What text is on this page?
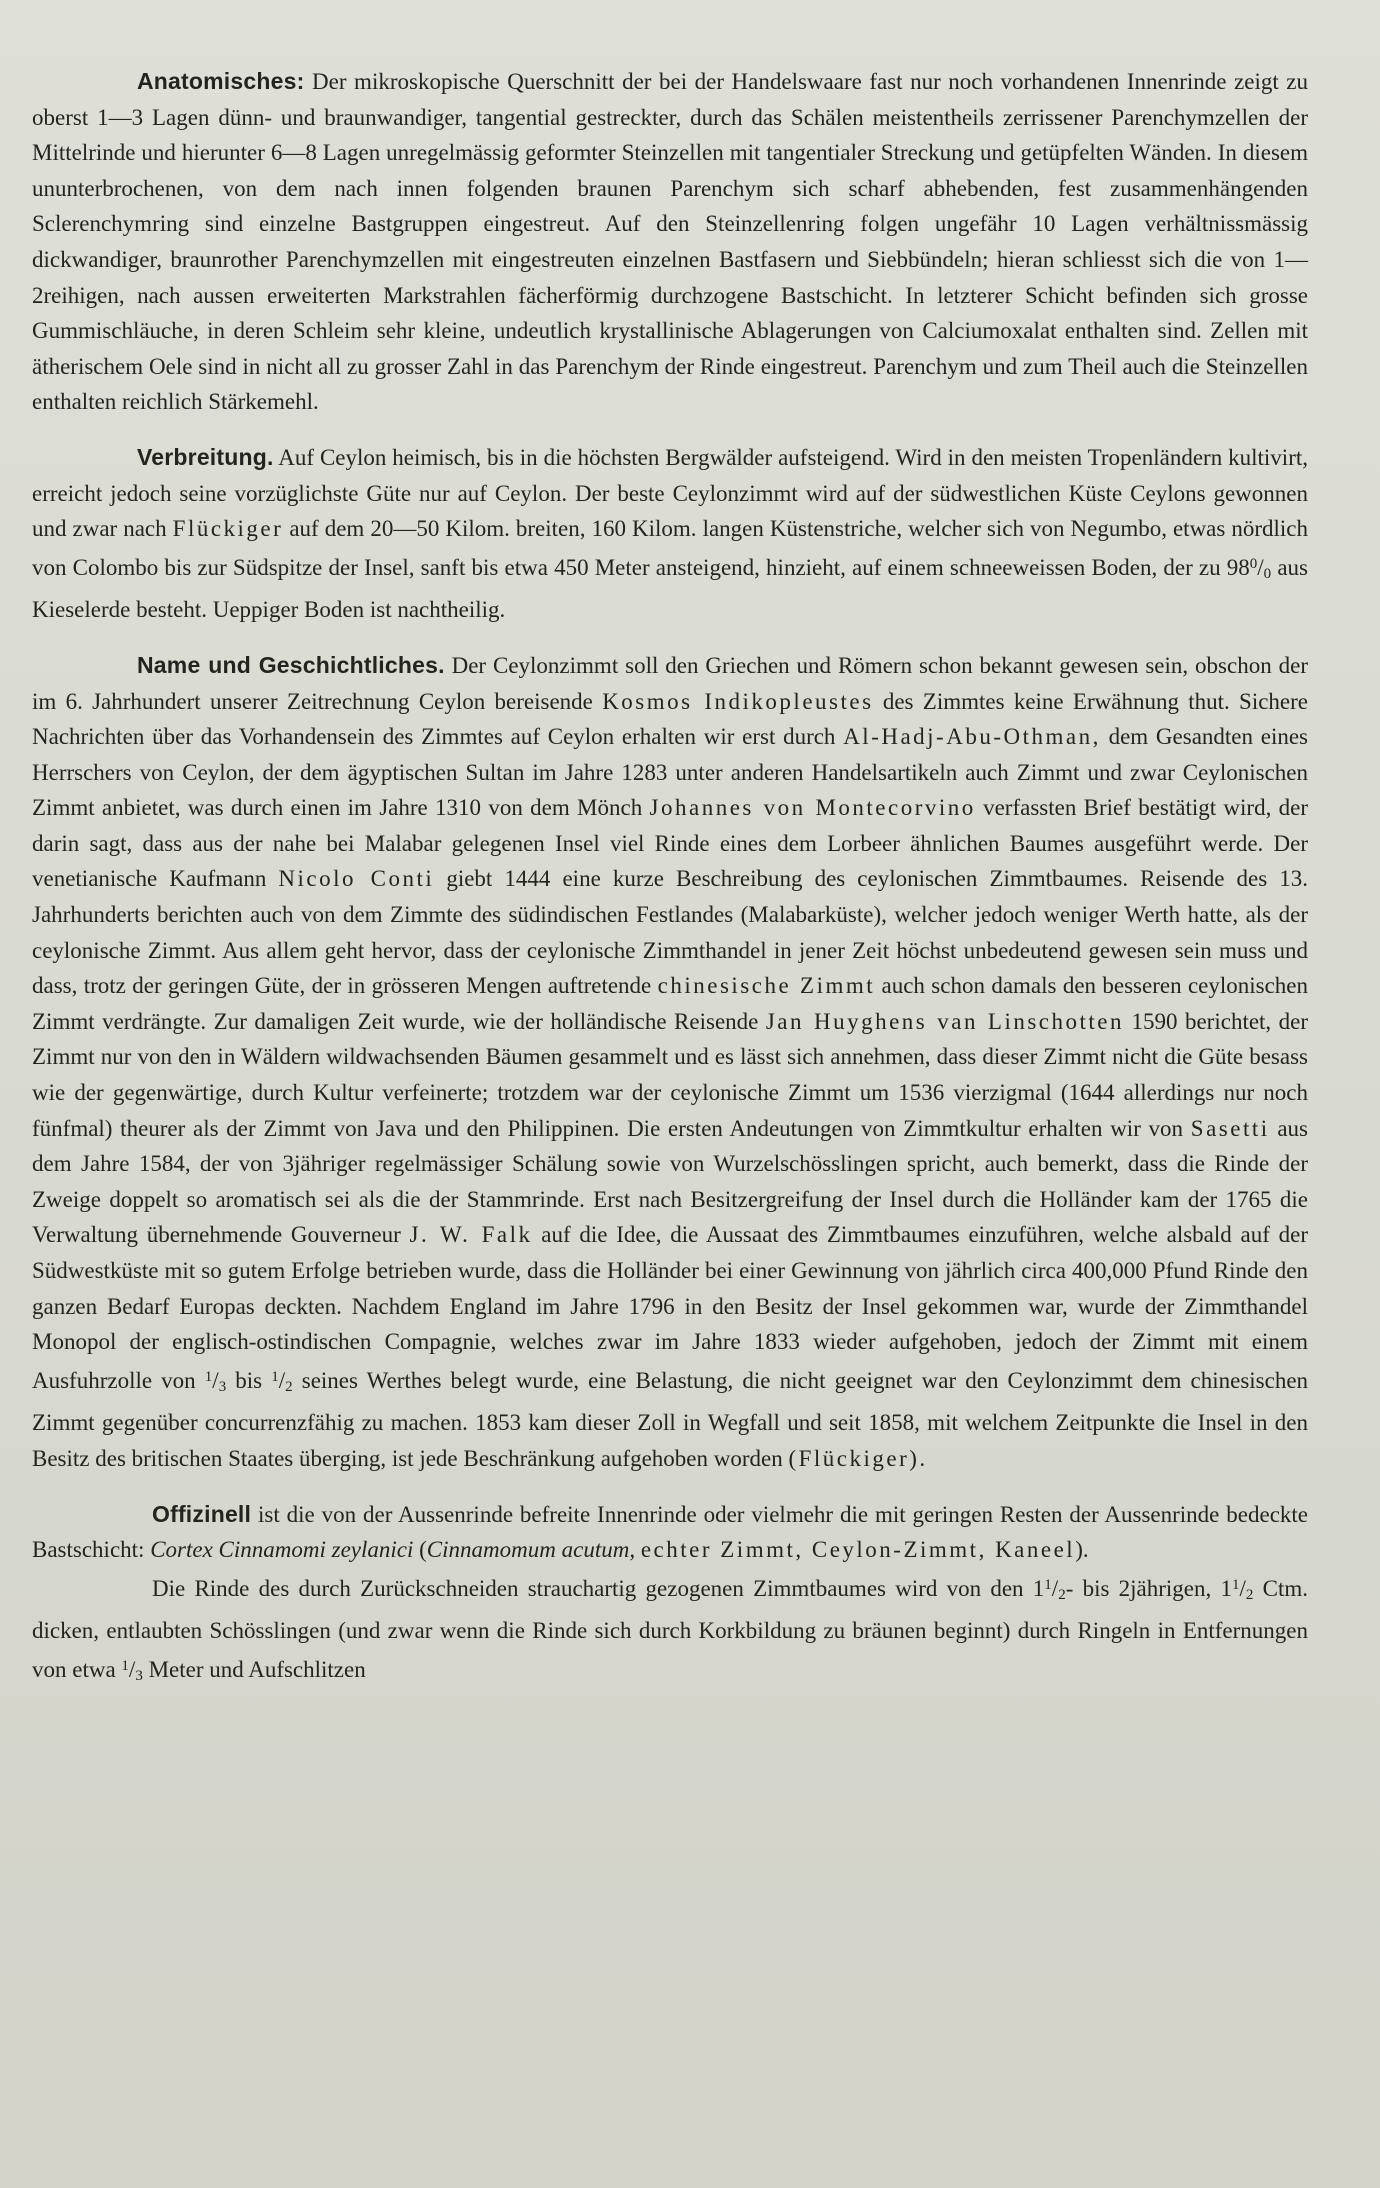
Anatomisches: Der mikroskopische Querschnitt der bei der Handelswaare fast nur noch vorhandenen Innenrinde zeigt zu oberst 1—3 Lagen dünn- und braunwandiger, tangential gestreckter, durch das Schälen meistentheils zerrissener Parenchymzellen der Mittelrinde und hierunter 6—8 Lagen unregelmässig geformter Steinzellen mit tangentialer Streckung und getüpfelten Wänden. In diesem ununterbrochenen, von dem nach innen folgenden braunen Parenchym sich scharf abhebenden, fest zusammenhängenden Sclerenchymring sind einzelne Bastgruppen eingestreut. Auf den Steinzellenring folgen ungefähr 10 Lagen verhältnissmässig dickwandiger, braunrother Parenchymzellen mit eingestreuten einzelnen Bastfasern und Siebbündeln; hieran schliesst sich die von 1—2reihigen, nach aussen erweiterten Markstrahlen fächerförmig durchzogene Bastschicht. In letzterer Schicht befinden sich grosse Gummischläuche, in deren Schleim sehr kleine, undeutlich krystallinische Ablagerungen von Calciumoxalat enthalten sind. Zellen mit ätherischem Oele sind in nicht all zu grosser Zahl in das Parenchym der Rinde eingestreut. Parenchym und zum Theil auch die Steinzellen enthalten reichlich Stärkemehl.

Verbreitung. Auf Ceylon heimisch, bis in die höchsten Bergwälder aufsteigend. Wird in den meisten Tropenländern kultivirt, erreicht jedoch seine vorzüglichste Güte nur auf Ceylon. Der beste Ceylonzimmt wird auf der südwestlichen Küste Ceylons gewonnen und zwar nach Flückiger auf dem 20—50 Kilom. breiten, 160 Kilom. langen Küstenstriche, welcher sich von Negumbo, etwas nördlich von Colombo bis zur Südspitze der Insel, sanft bis etwa 450 Meter ansteigend, hinzieht, auf einem schneeweissen Boden, der zu $98^0/0$ aus Kieselerde besteht. Ueppiger Boden ist nachtheilig.

Name und Geschichtliches. Der Ceylonzimmt soll den Griechen und Römern schon bekannt gewesen sein, obschon der im 6. Jahrhundert unserer Zeitrechnung Ceylon bereisende Kosmos Indikopleustes des Zimmtes keine Erwähnung thut. Sichere Nachrichten über das Vorhandensein des Zimmtes auf Ceylon erhalten wir erst durch Al-Hadj-Abu-Othman, dem Gesandten eines Herrschers von Ceylon, der dem ägyptischen Sultan im Jahre 1283 unter anderen Handelsartikeln auch Zimmt und zwar Ceylonischen Zimmt anbietet, was durch einen im Jahre 1310 von dem Mönch Johannes von Montecorvino verfassten Brief bestätigt wird, der darin sagt, dass aus der nahe bei Malabar gelegenen Insel viel Rinde eines dem Lorbeer ähnlichen Baumes ausgeführt werde. Der venetianische Kaufmann Nicolo Conti giebt 1444 eine kurze Beschreibung des ceylonischen Zimmtbaumes. Reisende des 13. Jahrhunderts berichten auch von dem Zimmte des südindischen Festlandes (Malabarküste), welcher jedoch weniger Werth hatte, als der ceylonische Zimmt. Aus allem geht hervor, dass der ceylonische Zimmthandel in jener Zeit höchst unbedeutend gewesen sein muss und dass, trotz der geringen Güte, der in grösseren Mengen auftretende chinesische Zimmt auch schon damals den besseren ceylonischen Zimmt verdrängte. Zur damaligen Zeit wurde, wie der holländische Reisende Jan Huyghens van Linschotten 1590 berichtet, der Zimmt nur von den in Wäldern wildwachsenden Bäumen gesammelt und es lässt sich annehmen, dass dieser Zimmt nicht die Güte besass wie der gegenwärtige, durch Kultur verfeinerte; trotzdem war der ceylonische Zimmt um 1536 vierzigmal (1644 allerdings nur noch fünfmal) theurer als der Zimmt von Java und den Philippinen. Die ersten Andeutungen von Zimmtkultur erhalten wir von Sasetti aus dem Jahre 1584, der von 3jähriger regelmässiger Schälung sowie von Wurzelschösslingen spricht, auch bemerkt, dass die Rinde der Zweige doppelt so aromatisch sei als die der Stammrinde. Erst nach Besitzergreifung der Insel durch die Holländer kam der 1765 die Verwaltung übernehmende Gouverneur J. W. Falk auf die Idee, die Aussaat des Zimmtbaumes einzuführen, welche alsbald auf der Südwestküste mit so gutem Erfolge betrieben wurde, dass die Holländer bei einer Gewinnung von jährlich circa 400,000 Pfund Rinde den ganzen Bedarf Europas deckten. Nachdem England im Jahre 1796 in den Besitz der Insel gekommen war, wurde der Zimmthandel Monopol der englisch-ostindischen Compagnie, welches zwar im Jahre 1833 wieder aufgehoben, jedoch der Zimmt mit einem Ausfuhrzolle von $^1$/3 bis $^1$/2 seines Werthes belegt wurde, eine Belastung, die nicht geeignet war den Ceylonzimmt dem chinesischen Zimmt gegenüber concurrenzfähig zu machen. 1853 kam dieser Zoll in Wegfall und seit 1858, mit welchem Zeitpunkte die Insel in den Besitz des britischen Staates überging, ist jede Beschränkung aufgehoben worden (Flückiger).

Offizinell ist die von der Aussenrinde befreite Innenrinde oder vielmehr die mit geringen Resten der Aussenrinde bedeckte Bastschicht: Cortex Cinnamomi zeylanici (Cinnamomum acutum, echter Zimmt, Ceylon-Zimmt, Kaneel).

Die Rinde des durch Zurückschneiden strauchartig gezogenen Zimmtbaumes wird von den $1^1/2-$ bis 2jährigen, $1^1/2$ Ctm. dicken, entlaubten Schösslingen (und zwar wenn die Rinde sich durch Korkbildung zu bräunen beginnt) durch Ringeln in Entfernungen von etwa $^1$/3 Meter und Aufschlitzen
